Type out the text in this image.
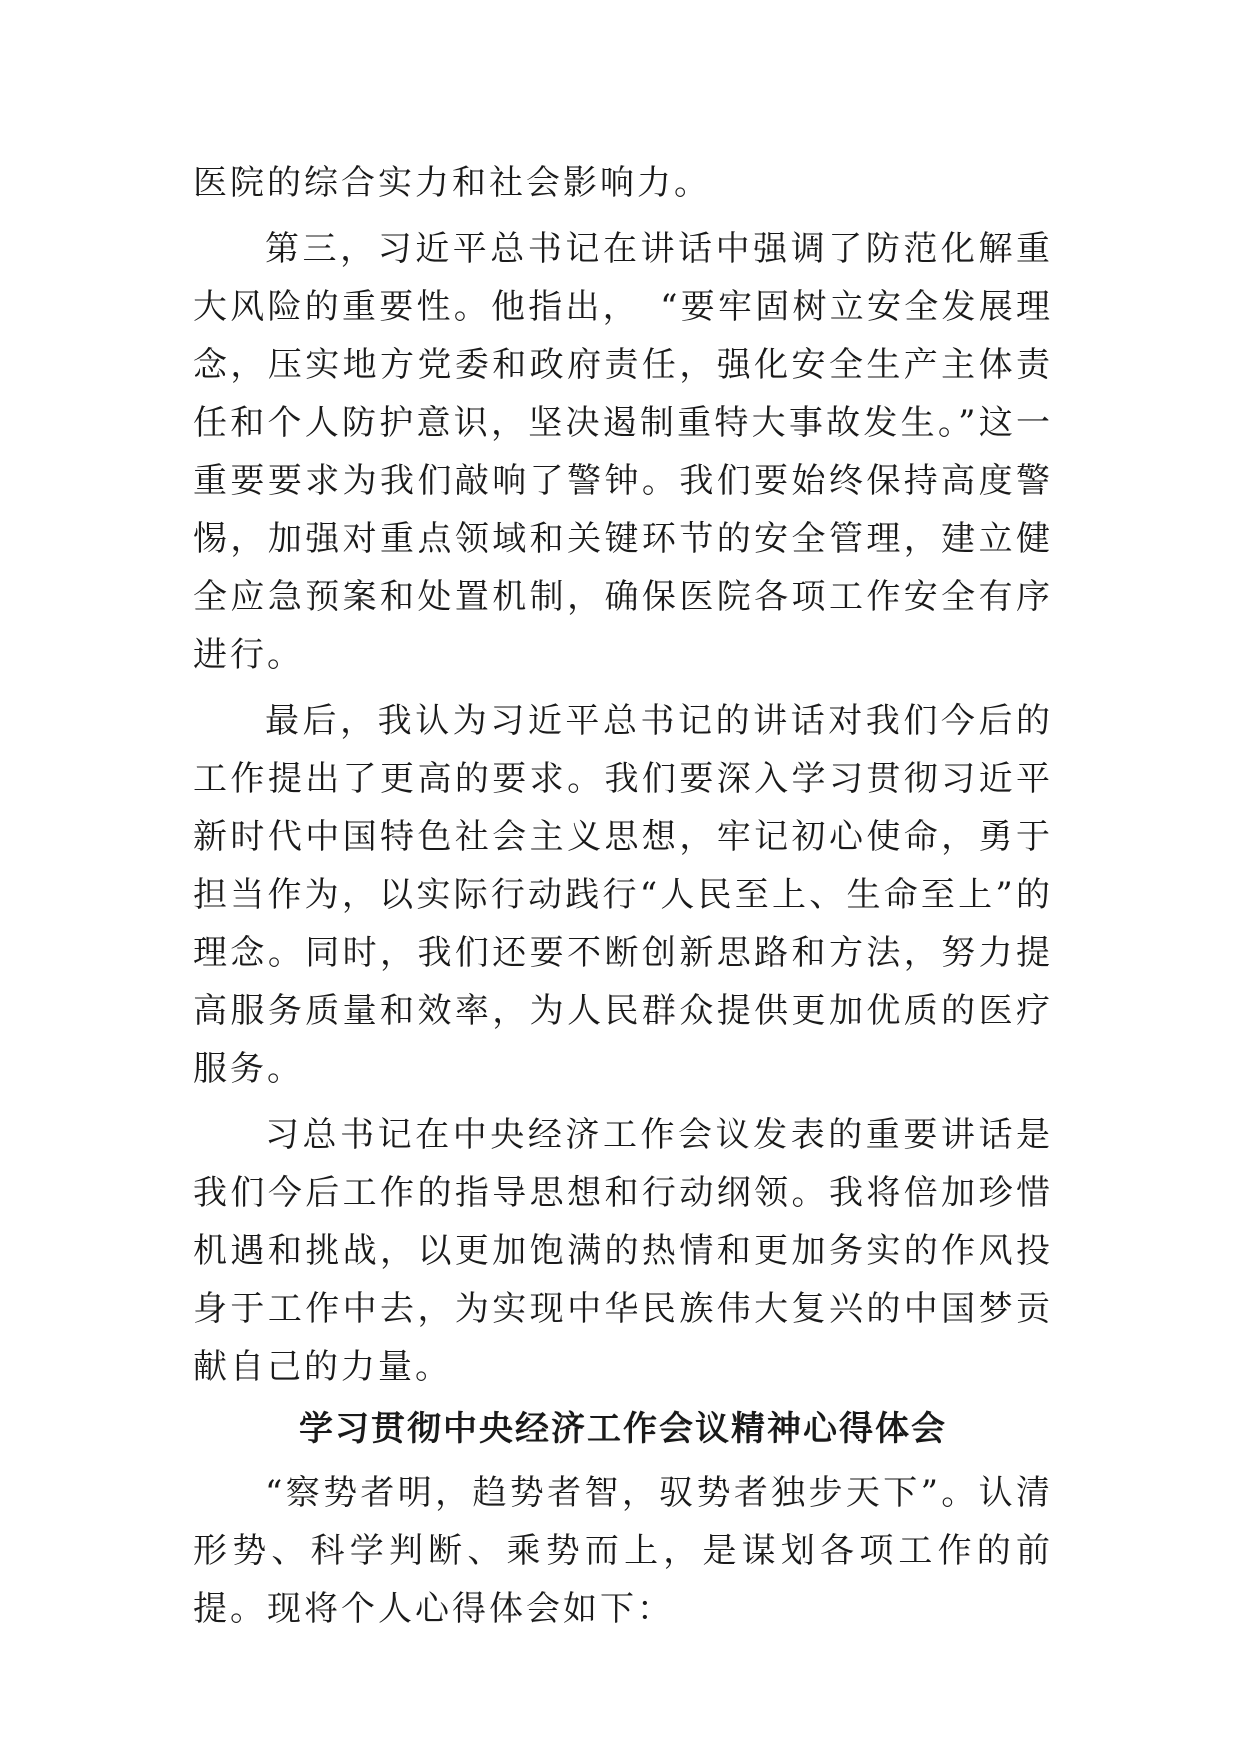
医院的综合实力和社会影响力。

第三，习近平总书记在讲话中强调了防范化解重大风险的重要性。他指出，　“要牢固树立安全发展理念，压实地方党委和政府责任，强化安全生产主体责任和个人防护意识，坚决遏制重特大事故发生。”这一重要要求为我们敲响了警钟。我们要始终保持高度警惕，加强对重点领域和关键环节的安全管理，建立健全应急预案和处置机制，确保医院各项工作安全有序进行。

最后，我认为习近平总书记的讲话对我们今后的工作提出了更高的要求。我们要深入学习贯彻习近平新时代中国特色社会主义思想，牢记初心使命，勇于担当作为，以实际行动践行“人民至上、生命至上”的理念。同时，我们还要不断创新思路和方法，努力提高服务质量和效率，为人民群众提供更加优质的医疗服务。

习总书记在中央经济工作会议发表的重要讲话是我们今后工作的指导思想和行动纲领。我将倍加珍惜机遇和挑战，以更加饱满的热情和更加务实的作风投身于工作中去，为实现中华民族伟大复兴的中国梦贡献自己的力量。

学习贯彻中央经济工作会议精神心得体会

“察势者明，趋势者智，驭势者独步天下”。认清形势、科学判断、乘势而上，是谋划各项工作的前提。现将个人心得体会如下：
